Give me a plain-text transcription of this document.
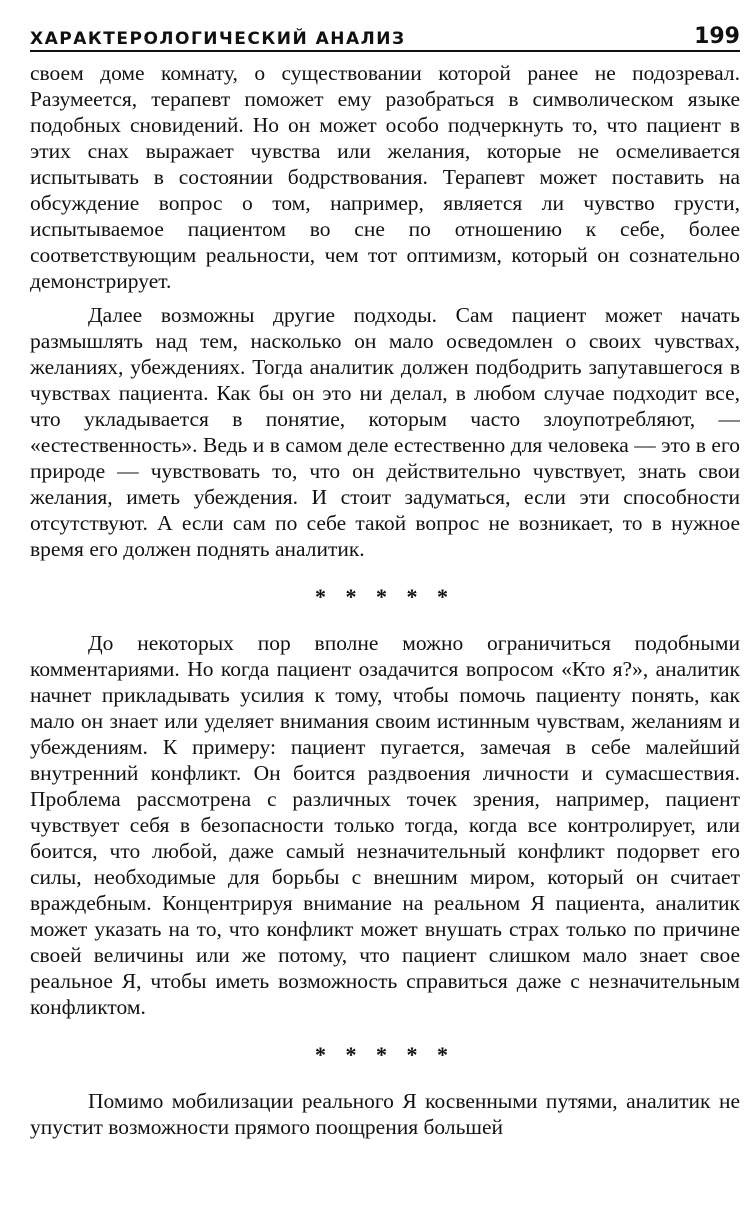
ХАРАКТЕРОЛОГИЧЕСКИЙ АНАЛИЗ	199

своем доме комнату, о существовании которой ранее не подозревал. Разумеется, терапевт поможет ему разобраться в символическом языке подобных сновидений. Но он может особо подчеркнуть то, что пациент в этих снах выражает чувства или желания, которые не осмеливается испытывать в состоянии бодрствования. Терапевт может поставить на обсуждение вопрос о том, например, является ли чувство грусти, испытываемое пациентом во сне по отношению к себе, более соответствующим реальности, чем тот оптимизм, который он сознательно демонстрирует.

Далее возможны другие подходы. Сам пациент может начать размышлять над тем, насколько он мало осведомлен о своих чувствах, желаниях, убеждениях. Тогда аналитик должен подбодрить запутавшегося в чувствах пациента. Как бы он это ни делал, в любом случае подходит все, что укладывается в понятие, которым часто злоупотребляют, — «естественность». Ведь и в самом деле естественно для человека — это в его природе — чувствовать то, что он действительно чувствует, знать свои желания, иметь убеждения. И стоит задуматься, если эти способности отсутствуют. А если сам по себе такой вопрос не возникает, то в нужное время его должен поднять аналитик.

* * * * *

До некоторых пор вполне можно ограничиться подобными комментариями. Но когда пациент озадачится вопросом «Кто я?», аналитик начнет прикладывать усилия к тому, чтобы помочь пациенту понять, как мало он знает или уделяет внимания своим истинным чувствам, желаниям и убеждениям. К примеру: пациент пугается, замечая в себе малейший внутренний конфликт. Он боится раздвоения личности и сумасшествия. Проблема рассмотрена с различных точек зрения, например, пациент чувствует себя в безопасности только тогда, когда все контролирует, или боится, что любой, даже самый незначительный конфликт подорвет его силы, необходимые для борьбы с внешним миром, который он считает враждебным. Концентрируя внимание на реальном Я пациента, аналитик может указать на то, что конфликт может внушать страх только по причине своей величины или же потому, что пациент слишком мало знает свое реальное Я, чтобы иметь возможность справиться даже с незначительным конфликтом.

* * * * *

Помимо мобилизации реального Я косвенными путями, аналитик не упустит возможности прямого поощрения большей
